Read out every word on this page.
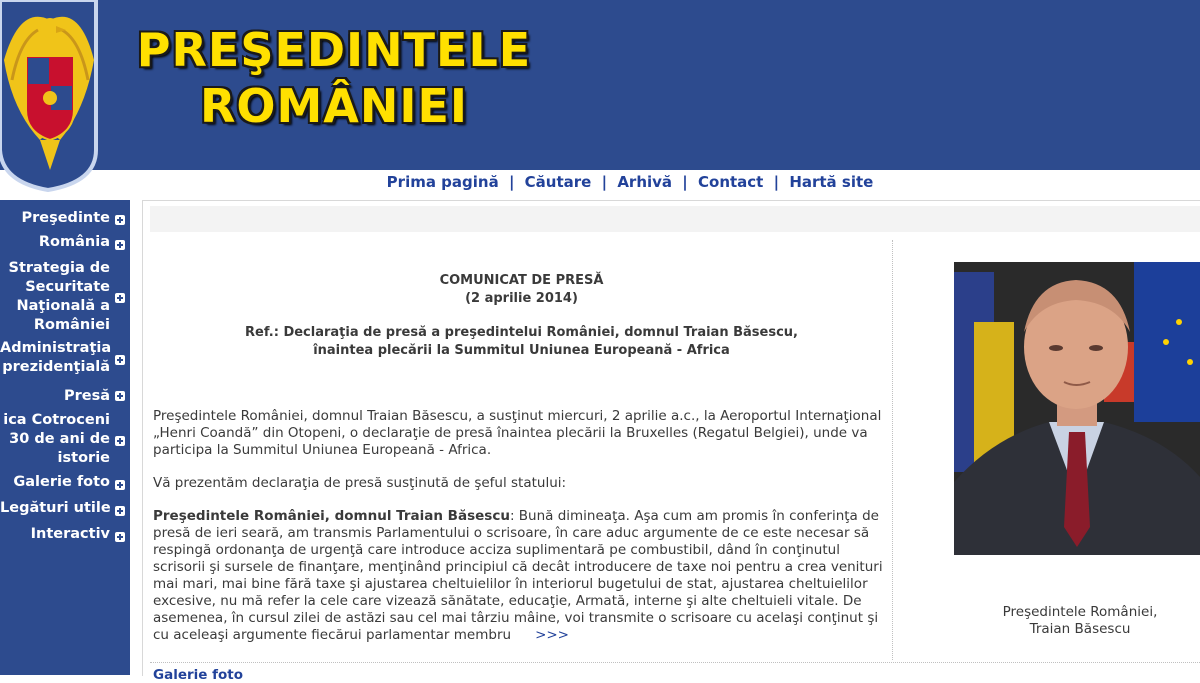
PREŞEDINTELE
ROMÂNIEI
Prima pagină | Căutare | Arhivă | Contact | Hartă site
Preşedinte
România
Strategia de Securitate Naţională a României
Administraţia prezidenţială
Presă
ica Cotroceni 30 de ani de istorie
Galerie foto
Legături utile
Interactiv
COMUNICAT DE PRESĂ
(2 aprilie 2014)
Ref.: Declaraţia de presă a preşedintelui României, domnul Traian Băsescu, înaintea plecării la Summitul Uniunea Europeană - Africa
Preşedintele României, domnul Traian Băsescu, a susţinut miercuri, 2 aprilie a.c., la Aeroportul Internaţional „Henri Coandă” din Otopeni, o declaraţie de presă înaintea plecării la Bruxelles (Regatul Belgiei), unde va participa la Summitul Uniunea Europeană - Africa.
Vă prezentăm declaraţia de presă susţinută de şeful statului:
Preşedintele României, domnul Traian Băsescu: Bună dimineaţa. Aşa cum am promis în conferinţa de presă de ieri seară, am transmis Parlamentului o scrisoare, în care aduc argumente de ce este necesar să respingă ordonanţa de urgenţă care introduce acciza suplimentară pe combustibil, dând în conţinutul scrisorii şi sursele de finanţare, menţinând principiul că decât introducere de taxe noi pentru a crea venituri mai mari, mai bine fără taxe şi ajustarea cheltuielilor în interiorul bugetului de stat, ajustarea cheltuielilor excesive, nu mă refer la cele care vizează sănătate, educaţie, Armată, interne şi alte cheltuieli vitale. De asemenea, în cursul zilei de astăzi sau cel mai târziu mâine, voi transmite o scrisoare cu acelaşi conţinut şi cu aceleaşi argumente fiecărui parlamentar membru >>>
Galerie foto
Preşedintele României,
Traian Băsescu
